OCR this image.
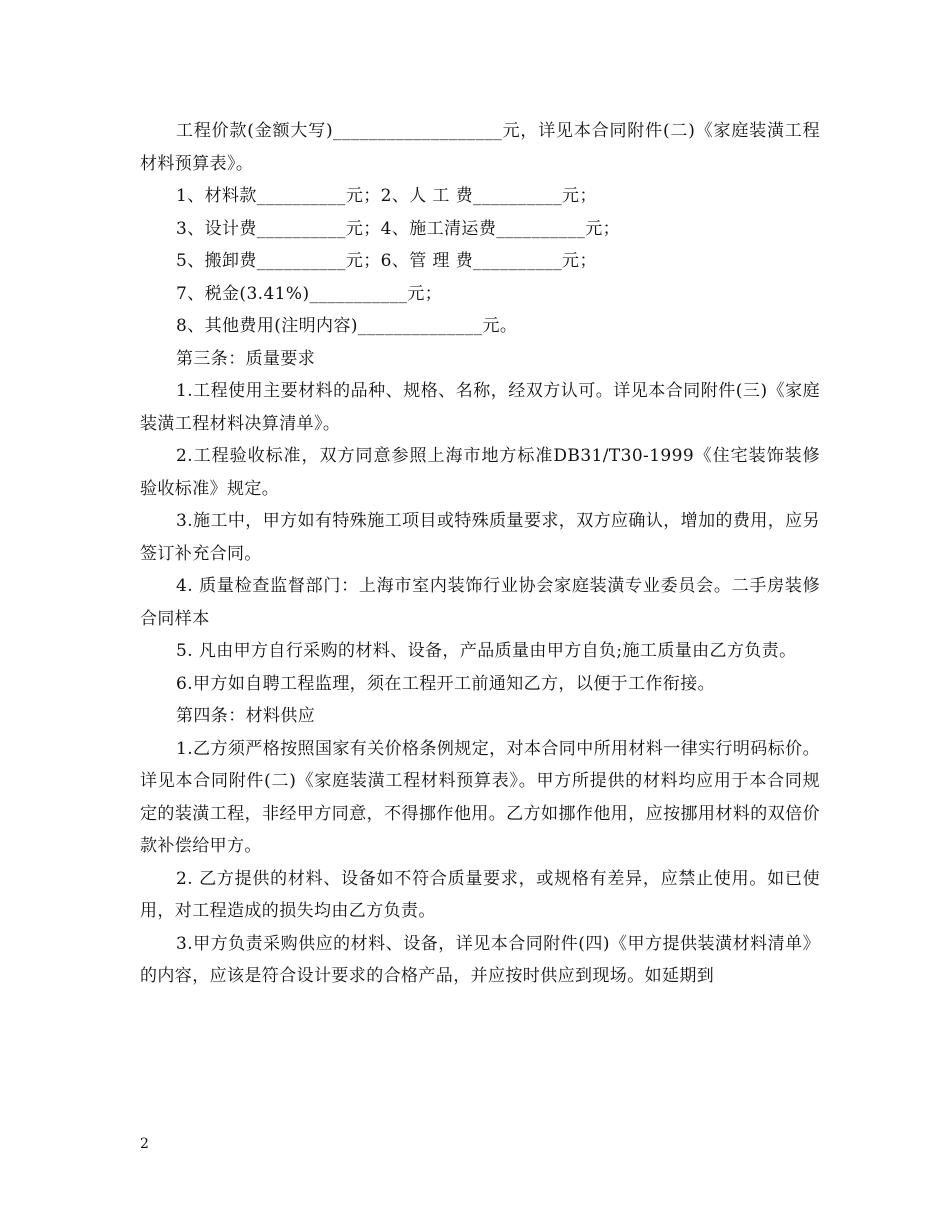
工程价款(金额大写)___________________元，详见本合同附件(二)《家庭装潢工程材料预算表》。

1、材料款__________元；2、人 工 费__________元；

3、设计费__________元；4、施工清运费__________元；

5、搬卸费__________元；6、管 理 费__________元；

7、税金(3.41%)___________元；

8、其他费用(注明内容)______________元。

第三条：质量要求

1.工程使用主要材料的品种、规格、名称，经双方认可。详见本合同附件(三)《家庭装潢工程材料决算清单》。

2.工程验收标准，双方同意参照上海市地方标准DB31/T30-1999《住宅装饰装修验收标准》规定。

3.施工中，甲方如有特殊施工项目或特殊质量要求，双方应确认，增加的费用，应另签订补充合同。

4. 质量检查监督部门：上海市室内装饰行业协会家庭装潢专业委员会。二手房装修合同样本

5. 凡由甲方自行采购的材料、设备，产品质量由甲方自负;施工质量由乙方负责。

6.甲方如自聘工程监理，须在工程开工前通知乙方，以便于工作衔接。

第四条：材料供应

1.乙方须严格按照国家有关价格条例规定，对本合同中所用材料一律实行明码标价。详见本合同附件(二)《家庭装潢工程材料预算表》。甲方所提供的材料均应用于本合同规定的装潢工程，非经甲方同意，不得挪作他用。乙方如挪作他用，应按挪用材料的双倍价款补偿给甲方。

2. 乙方提供的材料、设备如不符合质量要求，或规格有差异，应禁止使用。如已使用，对工程造成的损失均由乙方负责。

3.甲方负责采购供应的材料、设备，详见本合同附件(四)《甲方提供装潢材料清单》的内容，应该是符合设计要求的合格产品，并应按时供应到现场。如延期到

2
